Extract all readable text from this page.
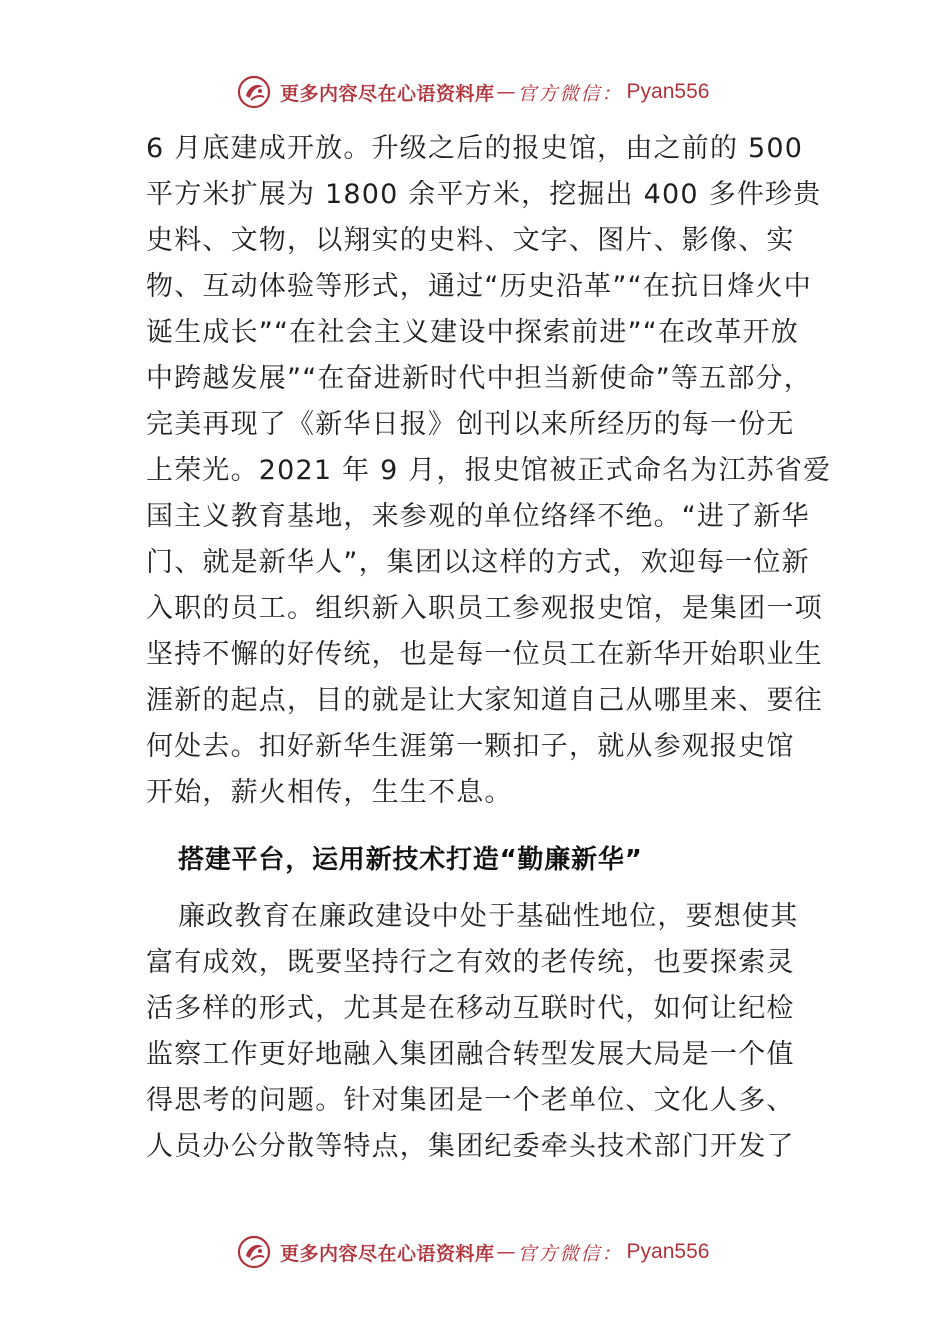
更多内容尽在心语资料库 — 官方微信： Pyan556
6 月底建成开放。升级之后的报史馆，由之前的 500
平方米扩展为 1800 余平方米，挖掘出 400 多件珍贵
史料、文物，以翔实的史料、文字、图片、影像、实
物、互动体验等形式，通过“历史沿革”“在抗日烽火中
诞生成长”“在社会主义建设中探索前进”“在改革开放
中跨越发展”“在奋进新时代中担当新使命”等五部分，
完美再现了《新华日报》创刊以来所经历的每一份无
上荣光。2021 年 9 月，报史馆被正式命名为江苏省爱
国主义教育基地，来参观的单位络绎不绝。“进了新华
门、就是新华人”，集团以这样的方式，欢迎每一位新
入职的员工。组织新入职员工参观报史馆，是集团一项
坚持不懈的好传统，也是每一位员工在新华开始职业生
涯新的起点，目的就是让大家知道自己从哪里来、要往
何处去。扣好新华生涯第一颗扣子，就从参观报史馆
开始，薪火相传，生生不息。
搭建平台，运用新技术打造“勤廉新华”
廉政教育在廉政建设中处于基础性地位，要想使其
富有成效，既要坚持行之有效的老传统，也要探索灵
活多样的形式，尤其是在移动互联时代，如何让纪检
监察工作更好地融入集团融合转型发展大局是一个值
得思考的问题。针对集团是一个老单位、文化人多、
人员办公分散等特点，集团纪委牵头技术部门开发了
更多内容尽在心语资料库 — 官方微信： Pyan556
